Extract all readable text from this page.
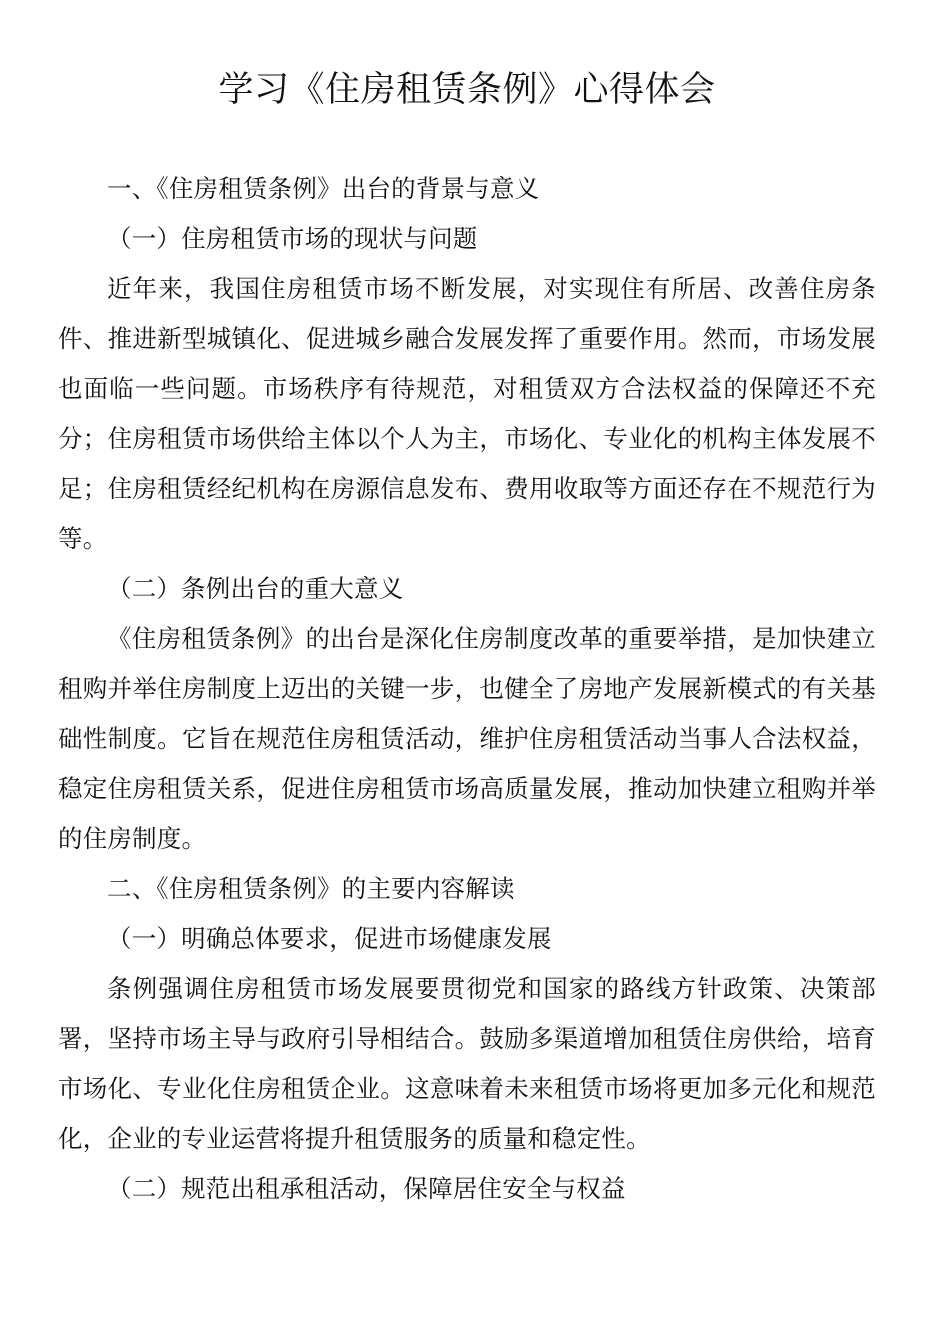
学习《住房租赁条例》心得体会

一、《住房租赁条例》出台的背景与意义

（一）住房租赁市场的现状与问题

近年来，我国住房租赁市场不断发展，对实现住有所居、改善住房条件、推进新型城镇化、促进城乡融合发展发挥了重要作用。然而，市场发展也面临一些问题。市场秩序有待规范，对租赁双方合法权益的保障还不充分；住房租赁市场供给主体以个人为主，市场化、专业化的机构主体发展不足；住房租赁经纪机构在房源信息发布、费用收取等方面还存在不规范行为等。

（二）条例出台的重大意义

《住房租赁条例》的出台是深化住房制度改革的重要举措，是加快建立租购并举住房制度上迈出的关键一步，也健全了房地产发展新模式的有关基础性制度。它旨在规范住房租赁活动，维护住房租赁活动当事人合法权益，稳定住房租赁关系，促进住房租赁市场高质量发展，推动加快建立租购并举的住房制度。

二、《住房租赁条例》的主要内容解读

（一）明确总体要求，促进市场健康发展

条例强调住房租赁市场发展要贯彻党和国家的路线方针政策、决策部署，坚持市场主导与政府引导相结合。鼓励多渠道增加租赁住房供给，培育市场化、专业化住房租赁企业。这意味着未来租赁市场将更加多元化和规范化，企业的专业运营将提升租赁服务的质量和稳定性。

（二）规范出租承租活动，保障居住安全与权益
